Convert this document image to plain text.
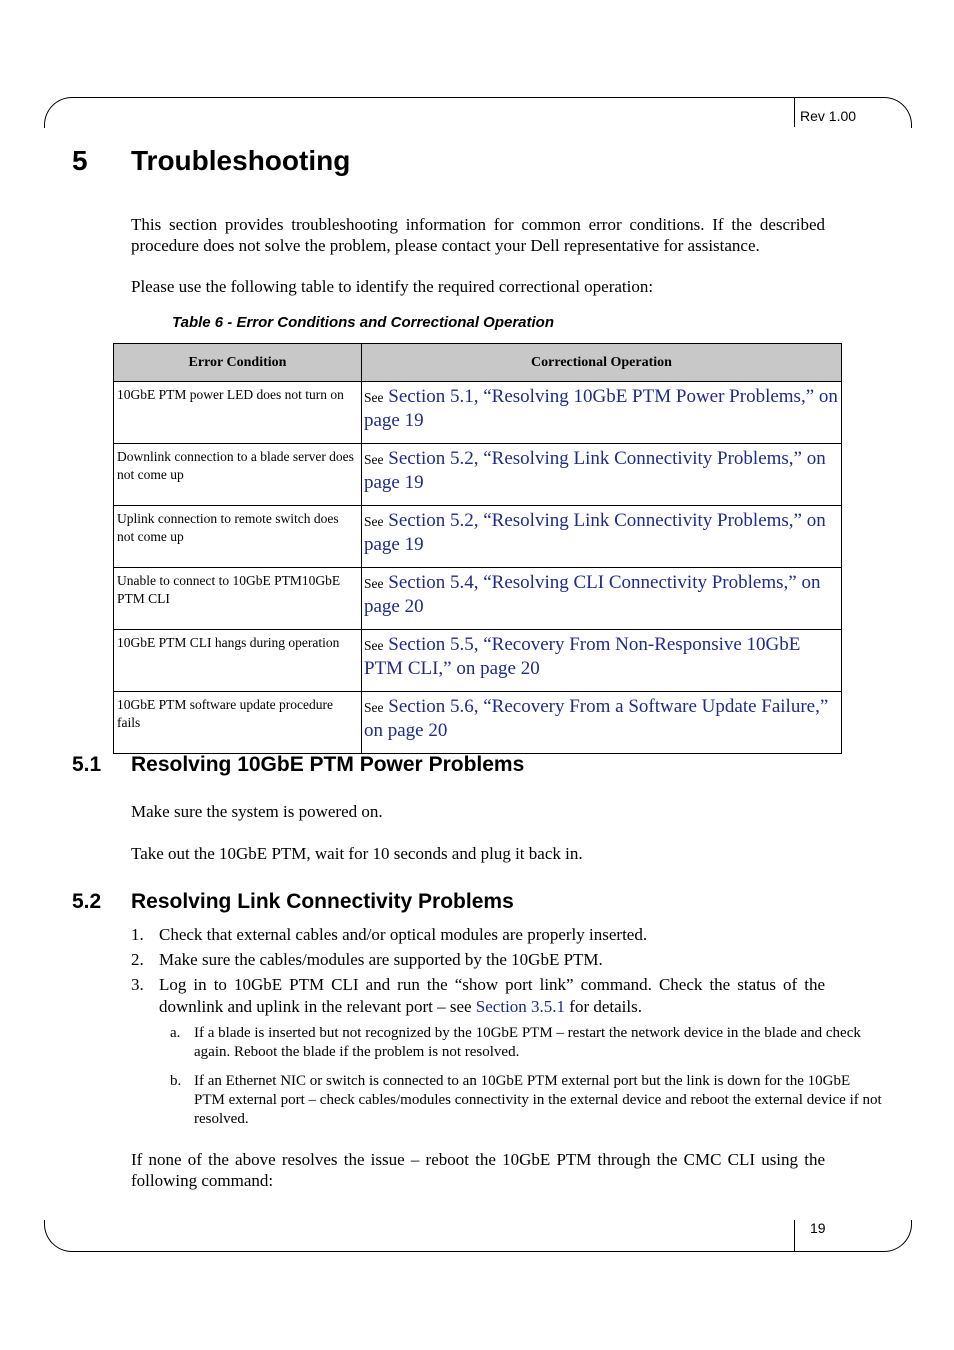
Rev 1.00
5 Troubleshooting

This section provides troubleshooting information for common error conditions. If the described procedure does not solve the problem, please contact your Dell representative for assistance.

Please use the following table to identify the required correctional operation:

Table 6 - Error Conditions and Correctional Operation
Error Condition	Correctional Operation
10GbE PTM power LED does not turn on	See Section 5.1, “Resolving 10GbE PTM Power Problems,” on page 19
Downlink connection to a blade server does not come up	See Section 5.2, “Resolving Link Connectivity Problems,” on page 19
Uplink connection to remote switch does not come up	See Section 5.2, “Resolving Link Connectivity Problems,” on page 19
Unable to connect to 10GbE PTM10GbE PTM CLI	See Section 5.4, “Resolving CLI Connectivity Problems,” on page 20
10GbE PTM CLI hangs during operation	See Section 5.5, “Recovery From Non-Responsive 10GbE PTM CLI,” on page 20
10GbE PTM software update procedure fails	See Section 5.6, “Recovery From a Software Update Failure,” on page 20
5.1 Resolving 10GbE PTM Power Problems

Make sure the system is powered on.

Take out the 10GbE PTM, wait for 10 seconds and plug it back in.

5.2 Resolving Link Connectivity Problems
1. Check that external cables and/or optical modules are properly inserted.
2. Make sure the cables/modules are supported by the 10GbE PTM.
3. Log in to 10GbE PTM CLI and run the “show port link” command. Check the status of the downlink and uplink in the relevant port – see Section 3.5.1 for details.
a. If a blade is inserted but not recognized by the 10GbE PTM – restart the network device in the blade and check again. Reboot the blade if the problem is not resolved.
b. If an Ethernet NIC or switch is connected to an 10GbE PTM external port but the link is down for the 10GbE PTM external port – check cables/modules connectivity in the external device and reboot the external device if not resolved.

If none of the above resolves the issue – reboot the 10GbE PTM through the CMC CLI using the following command:

19
